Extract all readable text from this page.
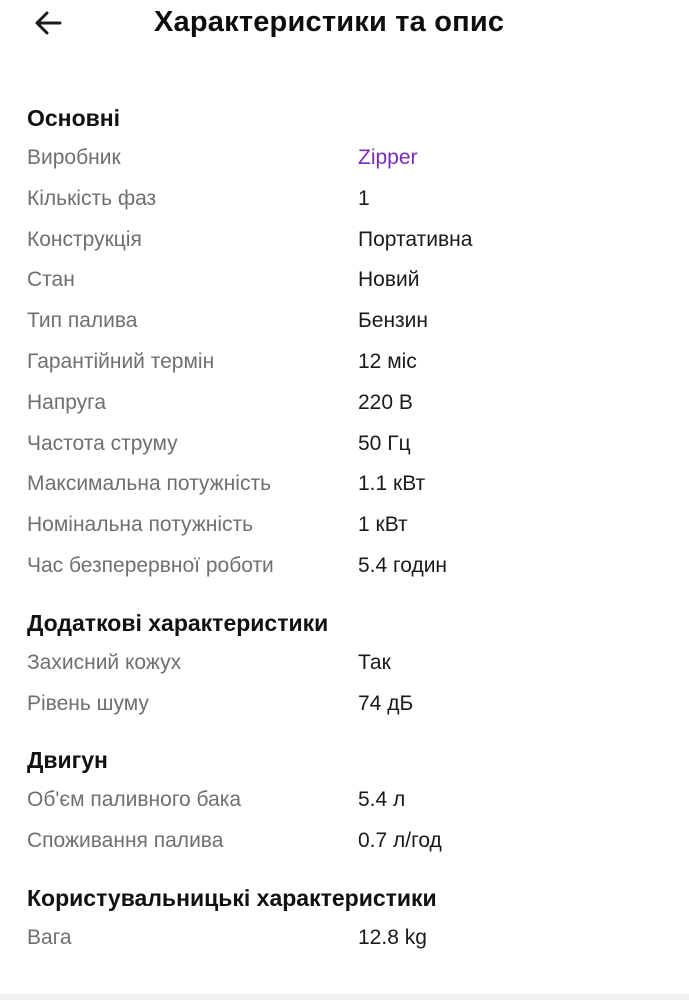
Характеристики та опис
Основні
Виробник	Zipper
Кількість фаз	1
Конструкція	Портативна
Стан	Новий
Тип палива	Бензин
Гарантійний термін	12 міс
Напруга	220 В
Частота струму	50 Гц
Максимальна потужність	1.1 кВт
Номінальна потужність	1 кВт
Час безперервної роботи	5.4 годин
Додаткові характеристики
Захисний кожух	Так
Рівень шуму	74 дБ
Двигун
Об'єм паливного бака	5.4 л
Споживання палива	0.7 л/год
Користувальницькі характеристики
Вага	12.8 kg
